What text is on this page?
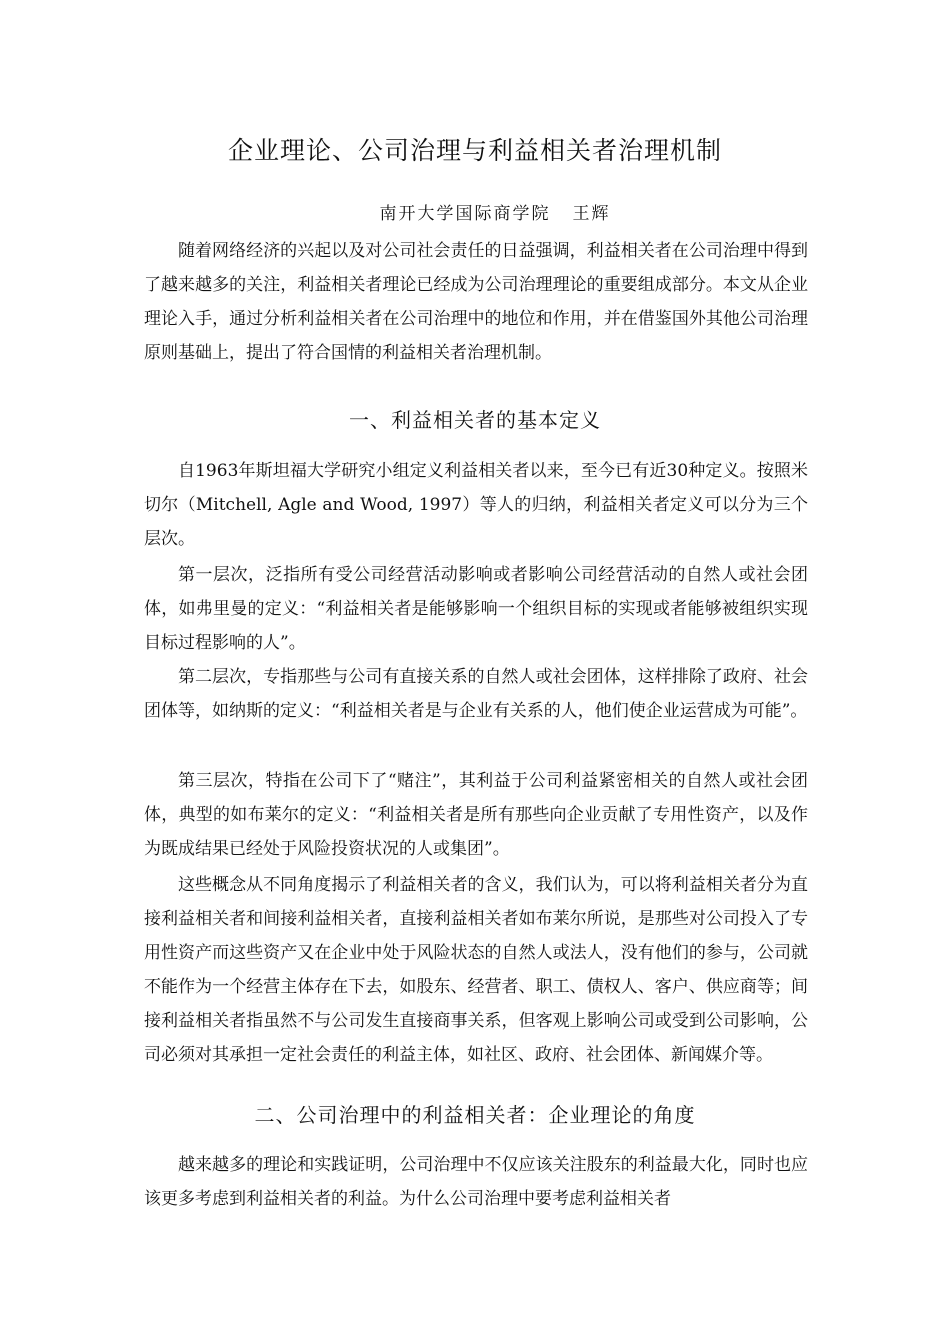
企业理论、公司治理与利益相关者治理机制
南开大学国际商学院 王辉

随着网络经济的兴起以及对公司社会责任的日益强调，利益相关者在公司治理中得到了越来越多的关注，利益相关者理论已经成为公司治理理论的重要组成部分。本文从企业理论入手，通过分析利益相关者在公司治理中的地位和作用，并在借鉴国外其他公司治理原则基础上，提出了符合国情的利益相关者治理机制。

一、利益相关者的基本定义

自1963年斯坦福大学研究小组定义利益相关者以来，至今已有近30种定义。按照米切尔（Mitchell, Agle and Wood, 1997）等人的归纳，利益相关者定义可以分为三个层次。

第一层次，泛指所有受公司经营活动影响或者影响公司经营活动的自然人或社会团体，如弗里曼的定义：“利益相关者是能够影响一个组织目标的实现或者能够被组织实现目标过程影响的人”。

第二层次，专指那些与公司有直接关系的自然人或社会团体，这样排除了政府、社会团体等，如纳斯的定义：“利益相关者是与企业有关系的人，他们使企业运营成为可能”。

第三层次，特指在公司下了“赌注”，其利益于公司利益紧密相关的自然人或社会团体，典型的如布莱尔的定义：“利益相关者是所有那些向企业贡献了专用性资产，以及作为既成结果已经处于风险投资状况的人或集团”。

这些概念从不同角度揭示了利益相关者的含义，我们认为，可以将利益相关者分为直接利益相关者和间接利益相关者，直接利益相关者如布莱尔所说，是那些对公司投入了专用性资产而这些资产又在企业中处于风险状态的自然人或法人，没有他们的参与，公司就不能作为一个经营主体存在下去，如股东、经营者、职工、债权人、客户、供应商等；间接利益相关者指虽然不与公司发生直接商事关系，但客观上影响公司或受到公司影响，公司必须对其承担一定社会责任的利益主体，如社区、政府、社会团体、新闻媒介等。

二、公司治理中的利益相关者：企业理论的角度

越来越多的理论和实践证明，公司治理中不仅应该关注股东的利益最大化，同时也应该更多考虑到利益相关者的利益。为什么公司治理中要考虑利益相关者
